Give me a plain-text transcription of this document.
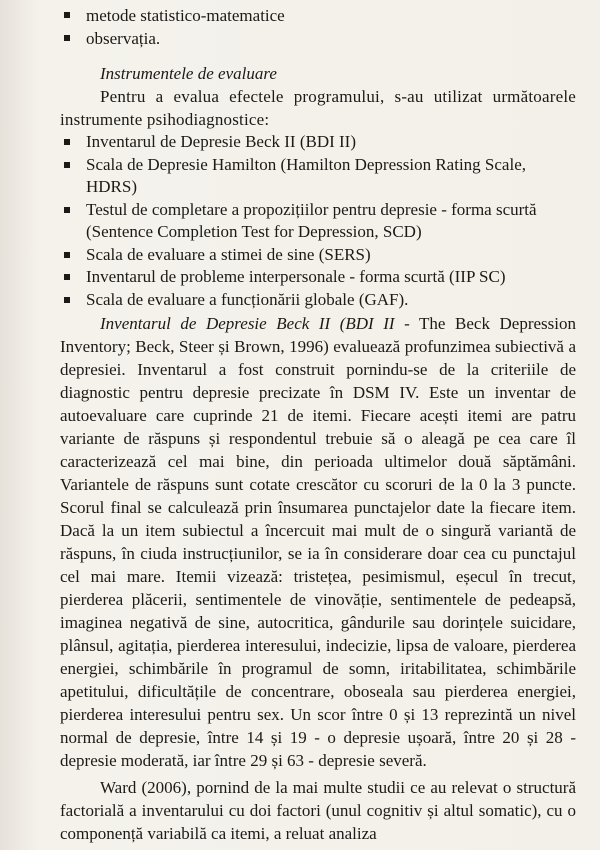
metode statistico-matematice
observația.
Instrumentele de evaluare

Pentru a evalua efectele programului, s-au utilizat următoarele instrumente psihodiagnostice:

Inventarul de Depresie Beck II (BDI II)
Scala de Depresie Hamilton (Hamilton Depression Rating Scale, HDRS)
Testul de completare a propozițiilor pentru depresie - forma scurtă (Sentence Completion Test for Depression, SCD)
Scala de evaluare a stimei de sine (SERS)
Inventarul de probleme interpersonale - forma scurtă (IIP SC)
Scala de evaluare a funcționării globale (GAF).

Inventarul de Depresie Beck II (BDI II - The Beck Depression Inventory; Beck, Steer și Brown, 1996) evaluează profunzimea subiectivă a depresiei. Inventarul a fost construit pornindu-se de la criteriile de diagnostic pentru depresie precizate în DSM IV. Este un inventar de autoevaluare care cuprinde 21 de itemi. Fiecare acești itemi are patru variante de răspuns și respondentul trebuie să o aleagă pe cea care îl caracterizează cel mai bine, din perioada ultimelor două săptămâni. Variantele de răspuns sunt cotate crescător cu scoruri de la 0 la 3 puncte. Scorul final se calculează prin însumarea punctajelor date la fiecare item. Dacă la un item subiectul a încercuit mai mult de o singură variantă de răspuns, în ciuda instrucțiunilor, se ia în considerare doar cea cu punctajul cel mai mare. Itemii vizează: tristețea, pesimismul, eșecul în trecut, pierderea plăcerii, sentimentele de vinovăție, sentimentele de pedeapsă, imaginea negativă de sine, autocritica, gândurile sau dorințele suicidare, plânsul, agitația, pierderea interesului, indecizie, lipsa de valoare, pierderea energiei, schimbările în programul de somn, iritabilitatea, schimbările apetitului, dificultățile de concentrare, oboseala sau pierderea energiei, pierderea interesului pentru sex. Un scor între 0 și 13 reprezintă un nivel normal de depresie, între 14 și 19 - o depresie ușoară, între 20 și 28 - depresie moderată, iar între 29 și 63 - depresie severă.

Ward (2006), pornind de la mai multe studii ce au relevat o structură factorială a inventarului cu doi factori (unul cognitiv și altul somatic), cu o componență variabilă ca itemi, a reluat analiza
